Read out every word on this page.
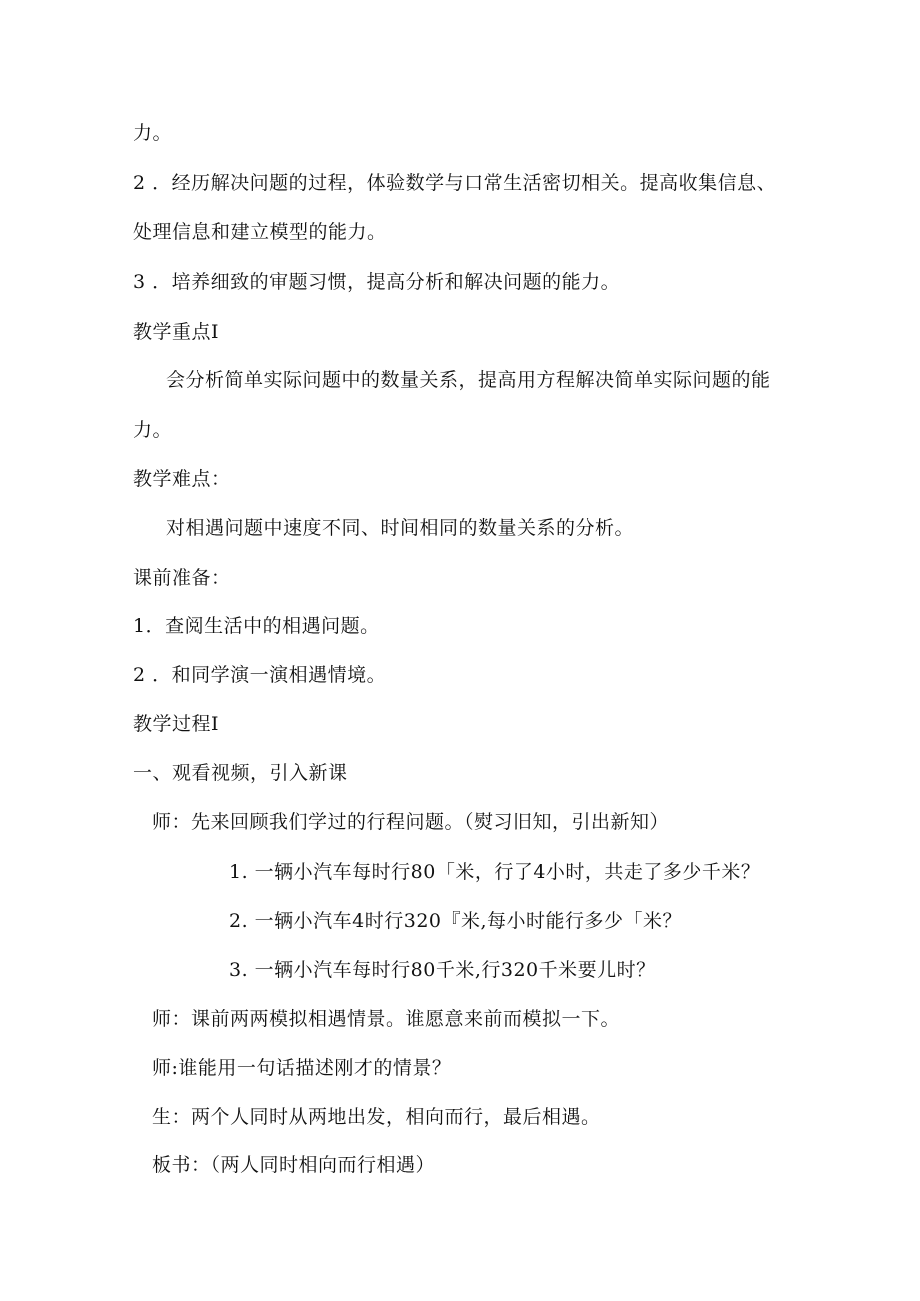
力。
2 ．经历解决问题的过程，体验数学与口常生活密切相关。提高收集信息、
处理信息和建立模型的能力。
3 ．培养细致的审题习惯，提高分析和解决问题的能力。
教学重点I
会分析简单实际问题中的数量关系，提高用方程解决简单实际问题的能
力。
教学难点：
对相遇问题中速度不同、时间相同的数量关系的分析。
课前准备：
1．查阅生活中的相遇问题。
2 ．和同学演一演相遇情境。
教学过程I
一、观看视频，引入新课
师：先来回顾我们学过的行程问题。（熨习旧知，引出新知）
1. 一辆小汽车每时行80「米，行了4小时，共走了多少千米？
2. 一辆小汽车4时行320『米,每小时能行多少「米？
3. 一辆小汽车每时行80千米,行320千米要儿时？
师：课前两两模拟相遇情景。谁愿意来前而模拟一下。
师:谁能用一句话描述刚才的情景？
生：两个人同时从两地出发，相向而行，最后相遇。
板书：（两人同时相向而行相遇）
